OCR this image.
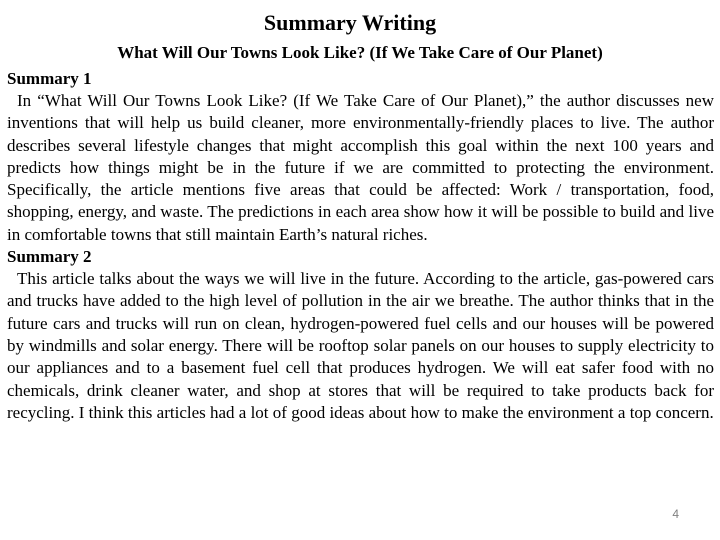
Summary Writing
What Will Our Towns Look Like? (If We Take Care of Our Planet)
Summary 1

In “What Will Our Towns Look Like? (If We Take Care of Our Planet),” the author discusses new inventions that will help us build cleaner, more environmentally-friendly places to live. The author describes several lifestyle changes that might accomplish this goal within the next 100 years and predicts how things might be in the future if we are committed to protecting the environment. Specifically, the article mentions five areas that could be affected: Work / transportation, food, shopping, energy, and waste. The predictions in each area show how it will be possible to build and live in comfortable towns that still maintain Earth’s natural riches.

Summary 2

This article talks about the ways we will live in the future. According to the article, gas-powered cars and trucks have added to the high level of pollution in the air we breathe. The author thinks that in the future cars and trucks will run on clean, hydrogen-powered fuel cells and our houses will be powered by windmills and solar energy. There will be rooftop solar panels on our houses to supply electricity to our appliances and to a basement fuel cell that produces hydrogen. We will eat safer food with no chemicals, drink cleaner water, and shop at stores that will be required to take products back for recycling. I think this articles had a lot of good ideas about how to make the environment a top concern.

4
